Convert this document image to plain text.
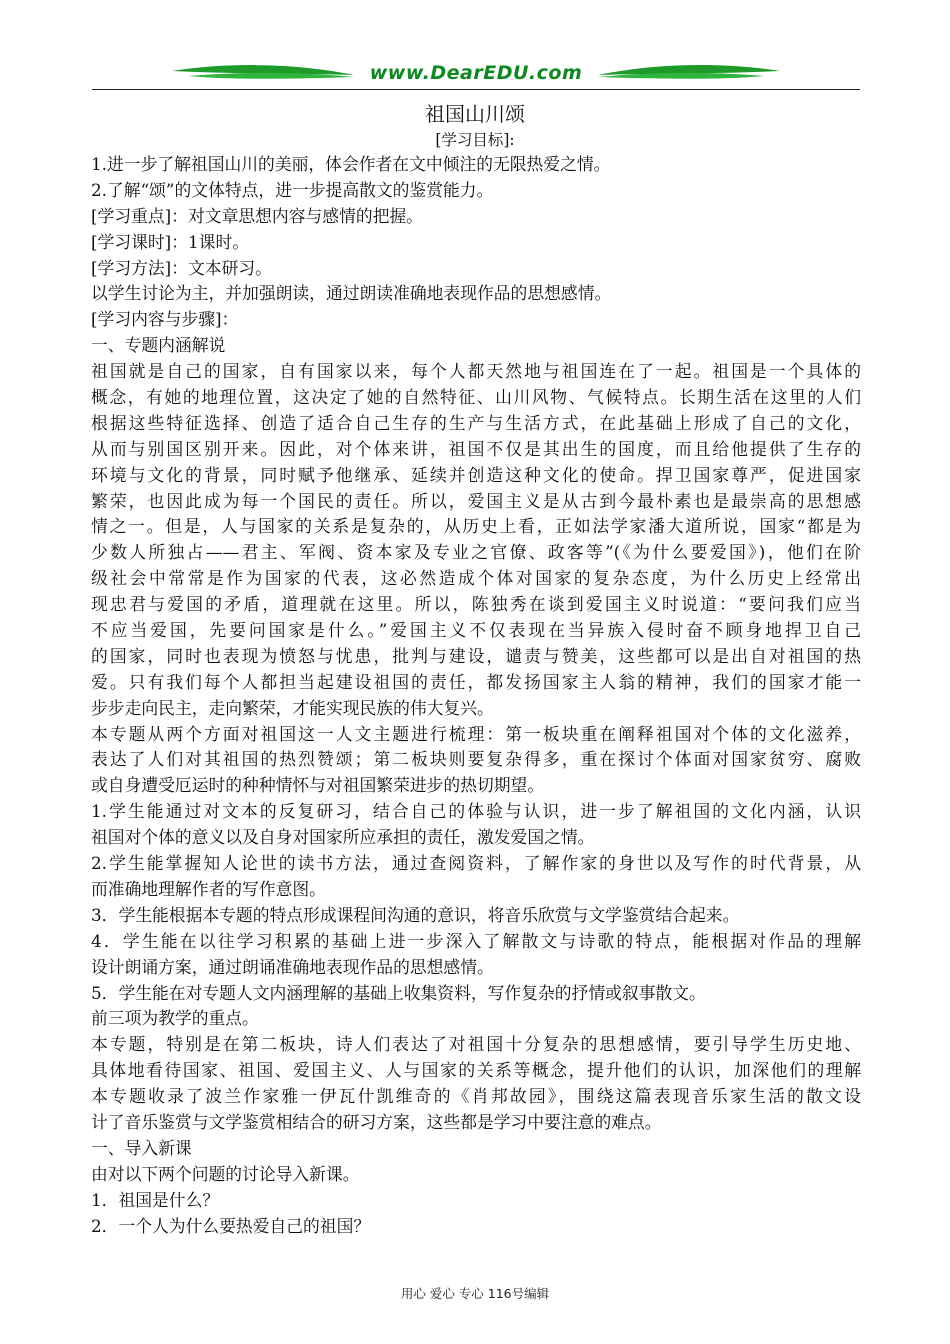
www.DearEDU.com
祖国山川颂
[学习目标]:
1.进一步了解祖国山川的美丽，体会作者在文中倾注的无限热爱之情。
2.了解“颂”的文体特点，进一步提高散文的鉴赏能力。
[学习重点]：对文章思想内容与感情的把握。
[学习课时]：1课时。
[学习方法]：文本研习。
以学生讨论为主，并加强朗读，通过朗读准确地表现作品的思想感情。
[学习内容与步骤]：
一、专题内涵解说
祖国就是自己的国家，自有国家以来，每个人都天然地与祖国连在了一起。祖国是一个具体的
概念，有她的地理位置，这决定了她的自然特征、山川风物、气候特点。长期生活在这里的人们
根据这些特征选择、创造了适合自己生存的生产与生活方式，在此基础上形成了自己的文化，
从而与别国区别开来。因此，对个体来讲，祖国不仅是其出生的国度，而且给他提供了生存的
环境与文化的背景，同时赋予他继承、延续并创造这种文化的使命。捍卫国家尊严，促进国家
繁荣，也因此成为每一个国民的责任。所以，爱国主义是从古到今最朴素也是最崇高的思想感
情之一。但是，人与国家的关系是复杂的，从历史上看，正如法学家潘大道所说，国家“都是为
少数人所独占——君主、军阀、资本家及专业之官僚、政客等”(《为什么要爱国》)，他们在阶
级社会中常常是作为国家的代表，这必然造成个体对国家的复杂态度，为什么历史上经常出
现忠君与爱国的矛盾，道理就在这里。所以，陈独秀在谈到爱国主义时说道：“要问我们应当
不应当爱国，先要问国家是什么。”爱国主义不仅表现在当异族入侵时奋不顾身地捍卫自己
的国家，同时也表现为愤怒与忧患，批判与建设，谴责与赞美，这些都可以是出自对祖国的热
爱。只有我们每个人都担当起建设祖国的责任，都发扬国家主人翁的精神，我们的国家才能一
步步走向民主，走向繁荣，才能实现民族的伟大复兴。
本专题从两个方面对祖国这一人文主题进行梳理：第一板块重在阐释祖国对个体的文化滋养，
表达了人们对其祖国的热烈赞颂；第二板块则要复杂得多，重在探讨个体面对国家贫穷、腐败
或自身遭受厄运时的种种情怀与对祖国繁荣进步的热切期望。
1.学生能通过对文本的反复研习，结合自己的体验与认识，进一步了解祖国的文化内涵，认识
祖国对个体的意义以及自身对国家所应承担的责任，激发爱国之情。
2.学生能掌握知人论世的读书方法，通过查阅资料，了解作家的身世以及写作的时代背景，从
而准确地理解作者的写作意图。
3．学生能根据本专题的特点形成课程间沟通的意识，将音乐欣赏与文学鉴赏结合起来。
4．学生能在以往学习积累的基础上进一步深入了解散文与诗歌的特点，能根据对作品的理解
设计朗诵方案，通过朗诵准确地表现作品的思想感情。
5．学生能在对专题人文内涵理解的基础上收集资料，写作复杂的抒情或叙事散文。
前三项为教学的重点。
本专题，特别是在第二板块，诗人们表达了对祖国十分复杂的思想感情，要引导学生历史地、
具体地看待国家、祖国、爱国主义、人与国家的关系等概念，提升他们的认识，加深他们的理解
本专题收录了波兰作家雅一伊瓦什凯维奇的《肖邦故园》，围绕这篇表现音乐家生活的散文设
计了音乐鉴赏与文学鉴赏相结合的研习方案，这些都是学习中要注意的难点。
一、导入新课
由对以下两个问题的讨论导入新课。
1．祖国是什么？
2．一个人为什么要热爱自己的祖国？
用心 爱心 专心 116号编辑
